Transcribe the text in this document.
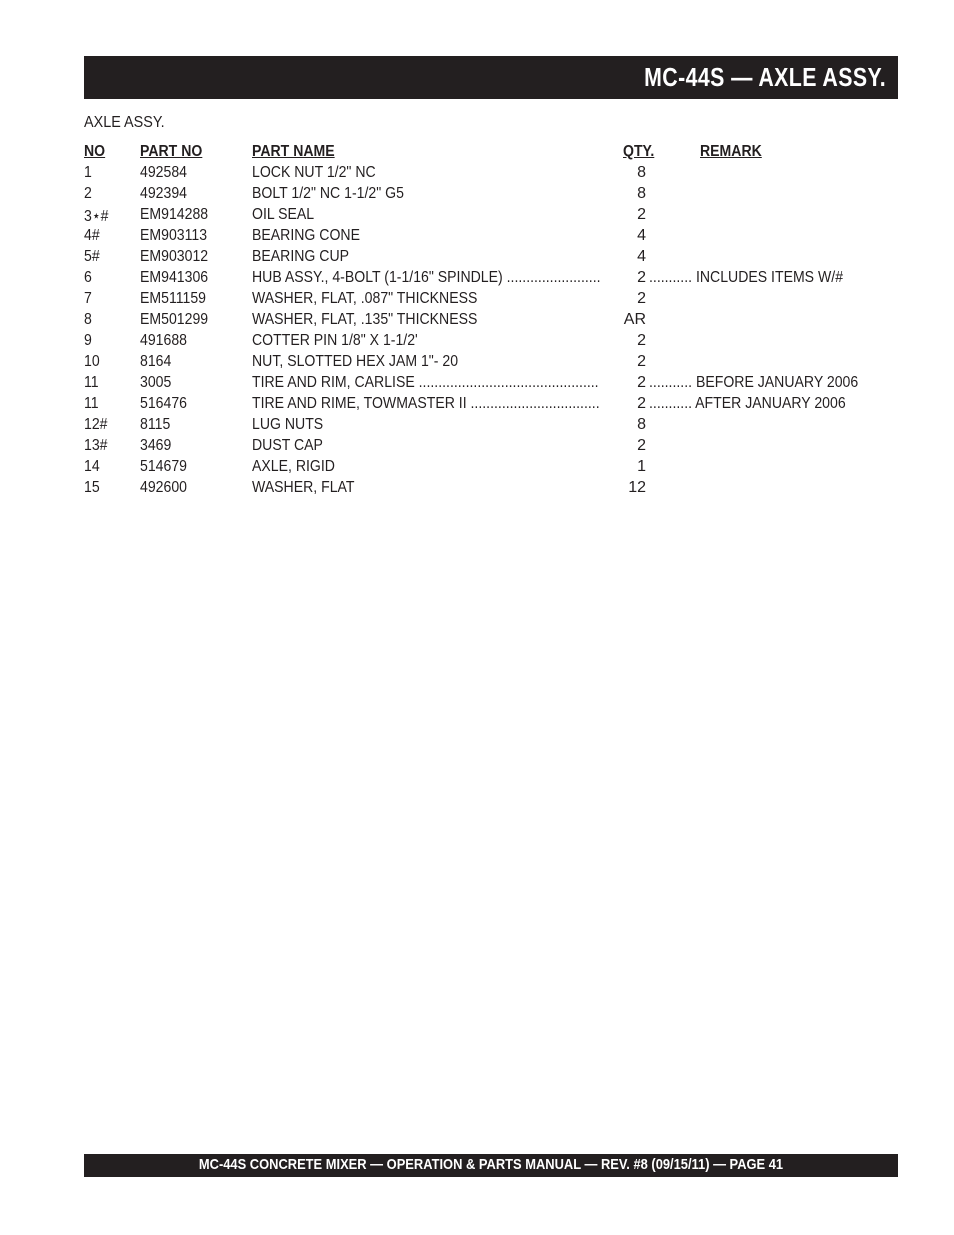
MC-44S — AXLE ASSY.
AXLE ASSY.
NO PART NO	PART NAME	QTY.	REMARK
1	492584	LOCK NUT 1/2" NC	8
2	492394	BOLT 1/2" NC 1-1/2" G5	8
3⋆# EM914288	OIL SEAL	2
4#	EM903113	BEARING CONE	4
5#	EM903012	BEARING CUP	4
6	EM941306	HUB ASSY., 4-BOLT (1-1/16" SPINDLE) ........................	2 ........... INCLUDES ITEMS W/#
7	EM511159	WASHER, FLAT, .087" THICKNESS	2
8	EM501299	WASHER, FLAT, .135" THICKNESS	AR
9	491688	COTTER PIN 1/8" X 1-1/2'	2
10	8164	NUT, SLOTTED HEX JAM 1"- 20	2
11	3005	TIRE AND RIM, CARLISE ..............................................	2 ........... BEFORE JANUARY 2006
11	516476	TIRE AND RIME, TOWMASTER II .................................	2 ........... AFTER JANUARY 2006
12# 8115	LUG NUTS	8
13# 3469	DUST CAP	2
14	514679	AXLE, RIGID	1
15	492600	WASHER, FLAT	12
MC-44S CONCRETE MIXER — OPERATION & PARTS MANUAL — REV. #8 (09/15/11) — PAGE 41
